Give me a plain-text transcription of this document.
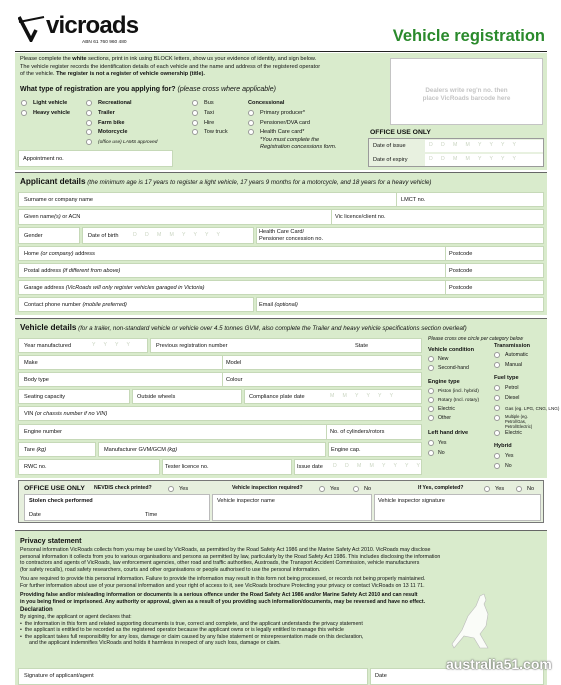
vicroads
ABN 61 760 960 480	Vehicle registration
Please complete the white sections, print in ink using BLOCK letters, show us your evidence of identity, and sign below.
The vehicle register records the identification details of each vehicle and the name and address of the registered operator
of the vehicle. The register is not a register of vehicle ownership (title).
Dealers write reg'n no. then
place VicRoads barcode here
What type of registration are you applying for? (please cross where applicable)
Light vehicle
Heavy vehicle
Recreational
Trailer
Farm bike
Motorcycle
(office use) LAMS approved
Bus
Taxi
Hire
Tow truck
Concessional
Primary producer*
Pensioner/DVA card
Health Care card*
*You must complete the
Registration concessions form.
Appointment no.
OFFICE USE ONLY
Date of issue
Date of expiry
D D M M Y Y Y Y
D D M M Y Y Y Y
Applicant details (the minimum age is 17 years to register a light vehicle, 17 years 9 months for a motorcycle, and 18 years for a heavy vehicle)
Surname or company name	LMCT no.
Given name(s) or ACN	Vic licence/client no.
Gender	Date of birth	D D M M Y Y Y Y	Health Care Card/
Pensioner concession no.
Home (or company) address	Postcode
Postal address (if different from above)	Postcode
Garage address (VicRoads will only register vehicles garaged in Victoria)	Postcode
Contact phone number (mobile preferred)	Email (optional)
Vehicle details (for a trailer, non-standard vehicle or vehicle over 4.5 tonnes GVM, also complete the Trailer and heavy vehicle specifications section overleaf)
Year manufactured	Y Y Y Y	Previous registration number	State
Please cross one circle per category below
Make	Model
Body type	Colour
Seating capacity	Outside wheels	Compliance plate date	M M Y Y Y Y
VIN (or chassis number if no VIN)
Engine number	No. of cylinders/rotors
Tare (kg)	Manufacturer GVM/GCM (kg)	Engine cap.
RWC no.	Tester licence no.	Issue date D D M M Y Y Y Y
Vehicle condition
New
Second-hand
Transmission
Automatic
Manual
Engine type
Piston (incl. hybrid)
Rotary (Incl. rotary)
Electric
Other
Fuel type
Petrol
Diesel
Gas (eg. LPG, CNG, LNG)
Multiple (eg. Petrol/Gas, Petrol/Electric)
Electric
Left hand drive
Yes
No
Hybrid
Yes
No
OFFICE USE ONLY NEVDIS check printed?	Yes	Vehicle inspection required?	Yes	No	If Yes, completed?	Yes	No
Stolen check performed
Date	Time
Vehicle inspector name	Vehicle inspector signature
Privacy statement
Personal information VicRoads collects from you may be used by VicRoads, as permitted by the Road Safety Act 1986 and the Marine Safety Act 2010. VicRoads may disclose
personal information it collects from you to various organisations and persons as permitted by law, particularly by the Road Safety Act 1986. This includes disclosing the information
to contractors and agents of VicRoads, law enforcement agencies, other road and traffic authorities, Austroads, the Transport Accident Commission, vehicle manufacturers
(for safety recalls), road safety researchers, courts and other organisations or people authorised to use the personal information.
You are required to provide this personal information. Failure to provide the information may result in this form not being processed, or records not being properly maintained.
For further information about use of your personal information and your right of access to it, see VicRoads brochure Protecting your privacy or contact VicRoads on 13 11 71.
Providing false and/or misleading information or documents is a serious offence under the Road Safety Act 1986 and/or Marine Safety Act 2010 and can result
in you being fined or imprisoned. Any authority or approval, given as a result of you providing such information/documents, may be reversed and have no effect.
Declaration
By signing, the applicant or agent declares that:
•  the information in this form and related supporting documents is true, correct and complete, and the applicant understands the privacy statement
•  the applicant is entitled to be recorded as the registered operator because the applicant owns or is legally entitled to manage this vehicle
•  the applicant takes full responsibility for any loss, damage or claim caused by any false statement or misrepresentation made on this declaration,
and the applicant indemnifies VicRoads and holds it harmless in respect of any such loss, damage or claim.
Signature of applicant/agent	Date
australia51.com
